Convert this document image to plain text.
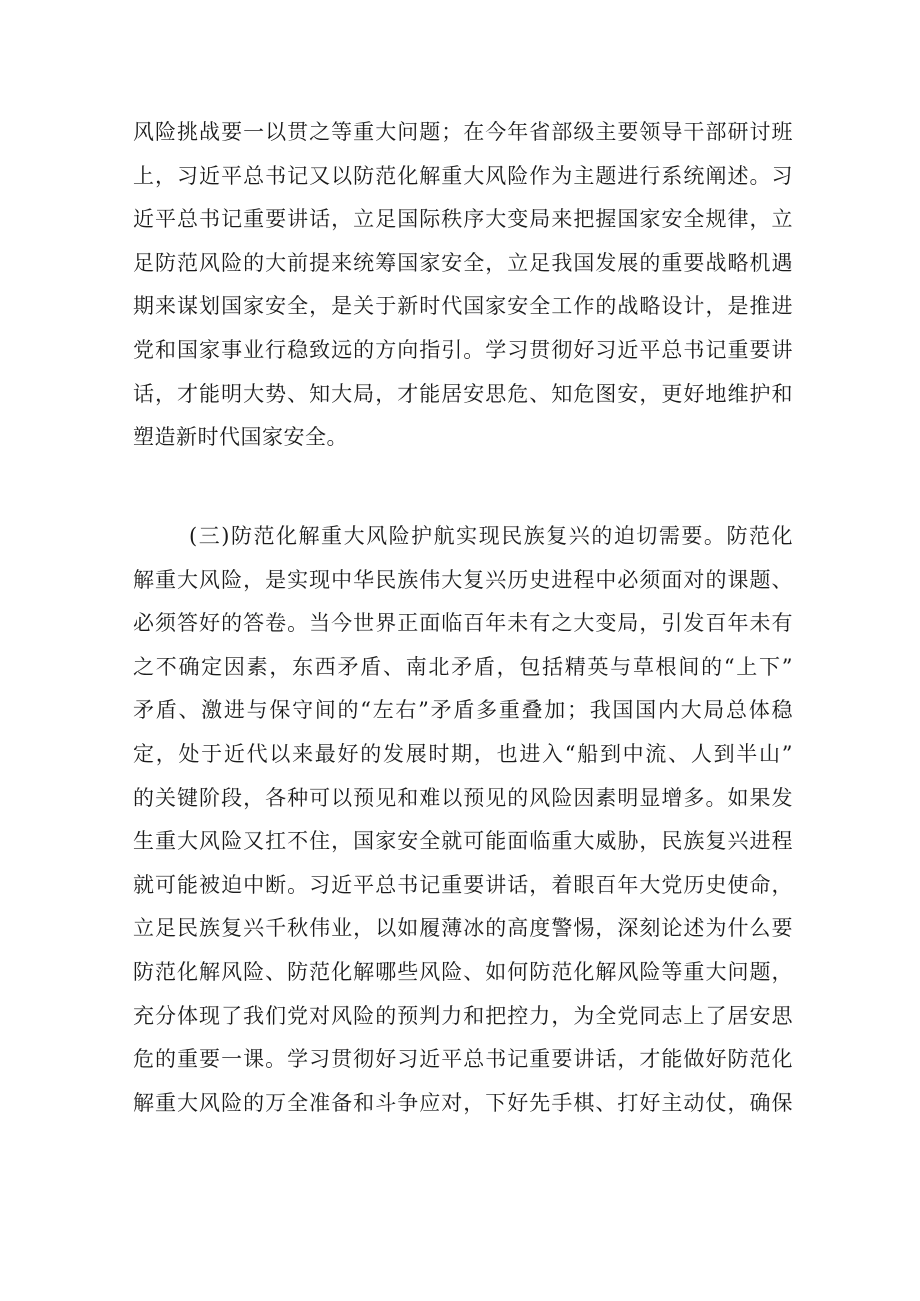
风险挑战要一以贯之等重大问题；在今年省部级主要领导干部研讨班
上，习近平总书记又以防范化解重大风险作为主题进行系统阐述。习
近平总书记重要讲话，立足国际秩序大变局来把握国家安全规律，立
足防范风险的大前提来统筹国家安全，立足我国发展的重要战略机遇
期来谋划国家安全，是关于新时代国家安全工作的战略设计，是推进
党和国家事业行稳致远的方向指引。学习贯彻好习近平总书记重要讲
话，才能明大势、知大局，才能居安思危、知危图安，更好地维护和
塑造新时代国家安全。
(三)防范化解重大风险护航实现民族复兴的迫切需要。防范化
解重大风险，是实现中华民族伟大复兴历史进程中必须面对的课题、
必须答好的答卷。当今世界正面临百年未有之大变局，引发百年未有
之不确定因素，东西矛盾、南北矛盾，包括精英与草根间的“上下”
矛盾、激进与保守间的“左右”矛盾多重叠加；我国国内大局总体稳
定，处于近代以来最好的发展时期，也进入“船到中流、人到半山”
的关键阶段，各种可以预见和难以预见的风险因素明显增多。如果发
生重大风险又扛不住，国家安全就可能面临重大威胁，民族复兴进程
就可能被迫中断。习近平总书记重要讲话，着眼百年大党历史使命，
立足民族复兴千秋伟业，以如履薄冰的高度警惕，深刻论述为什么要
防范化解风险、防范化解哪些风险、如何防范化解风险等重大问题，
充分体现了我们党对风险的预判力和把控力，为全党同志上了居安思
危的重要一课。学习贯彻好习近平总书记重要讲话，才能做好防范化
解重大风险的万全准备和斗争应对，下好先手棋、打好主动仗，确保
